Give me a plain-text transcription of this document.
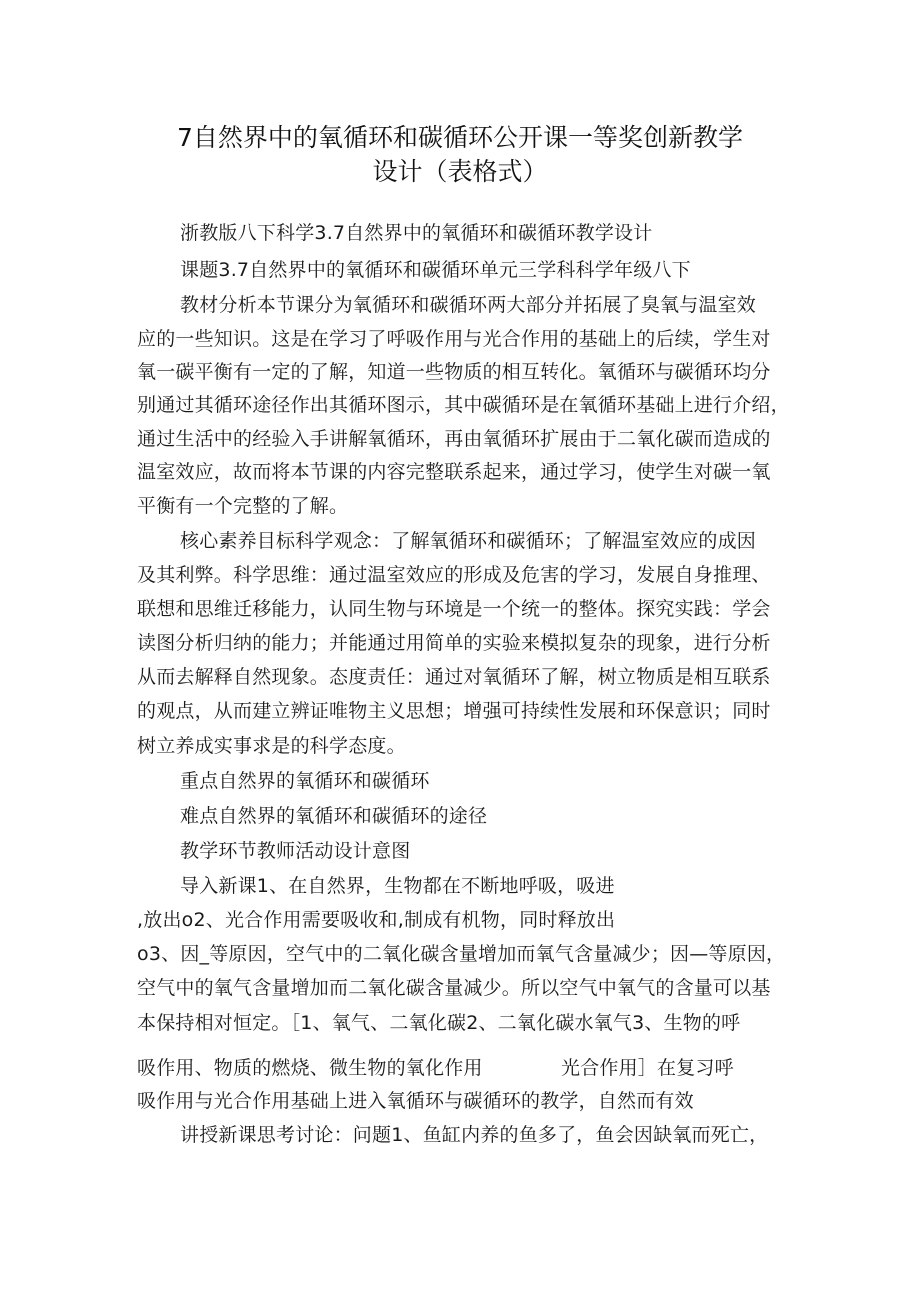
7自然界中的氧循环和碳循环公开课一等奖创新教学
设计（表格式）
浙教版八下科学3.7自然界中的氧循环和碳循环教学设计
课题3.7自然界中的氧循环和碳循环单元三学科科学年级八下
教材分析本节课分为氧循环和碳循环两大部分并拓展了臭氧与温室效
应的一些知识。这是在学习了呼吸作用与光合作用的基础上的后续，学生对
氧一碳平衡有一定的了解，知道一些物质的相互转化。氧循环与碳循环均分
别通过其循环途径作出其循环图示，其中碳循环是在氧循环基础上进行介绍，
通过生活中的经验入手讲解氧循环，再由氧循环扩展由于二氧化碳而造成的
温室效应，故而将本节课的内容完整联系起来，通过学习，使学生对碳一氧
平衡有一个完整的了解。
核心素养目标科学观念：了解氧循环和碳循环；了解温室效应的成因
及其利弊。科学思维：通过温室效应的形成及危害的学习，发展自身推理、
联想和思维迁移能力，认同生物与环境是一个统一的整体。探究实践：学会
读图分析归纳的能力；并能通过用简单的实验来模拟复杂的现象，进行分析
从而去解释自然现象。态度责任：通过对氧循环了解，树立物质是相互联系
的观点，从而建立辨证唯物主义思想；增强可持续性发展和环保意识；同时
树立养成实事求是的科学态度。
重点自然界的氧循环和碳循环
难点自然界的氧循环和碳循环的途径
教学环节教师活动设计意图
导入新课1、在自然界，生物都在不断地呼吸，吸进
,放出o2、光合作用需要吸收和,制成有机物，同时释放出
o3、因_等原因，空气中的二氧化碳含量增加而氧气含量减少；因—等原因，
空气中的氧气含量增加而二氧化碳含量减少。所以空气中氧气的含量可以基
本保持相对恒定。［1、氧气、二氧化碳2、二氧化碳水氧气3、生物的呼
吸作用、物质的燃烧、微生物的氧化作用	光合作用］在复习呼
吸作用与光合作用基础上进入氧循环与碳循环的教学，自然而有效
讲授新课思考讨论：问题1、鱼缸内养的鱼多了，鱼会因缺氧而死亡，
